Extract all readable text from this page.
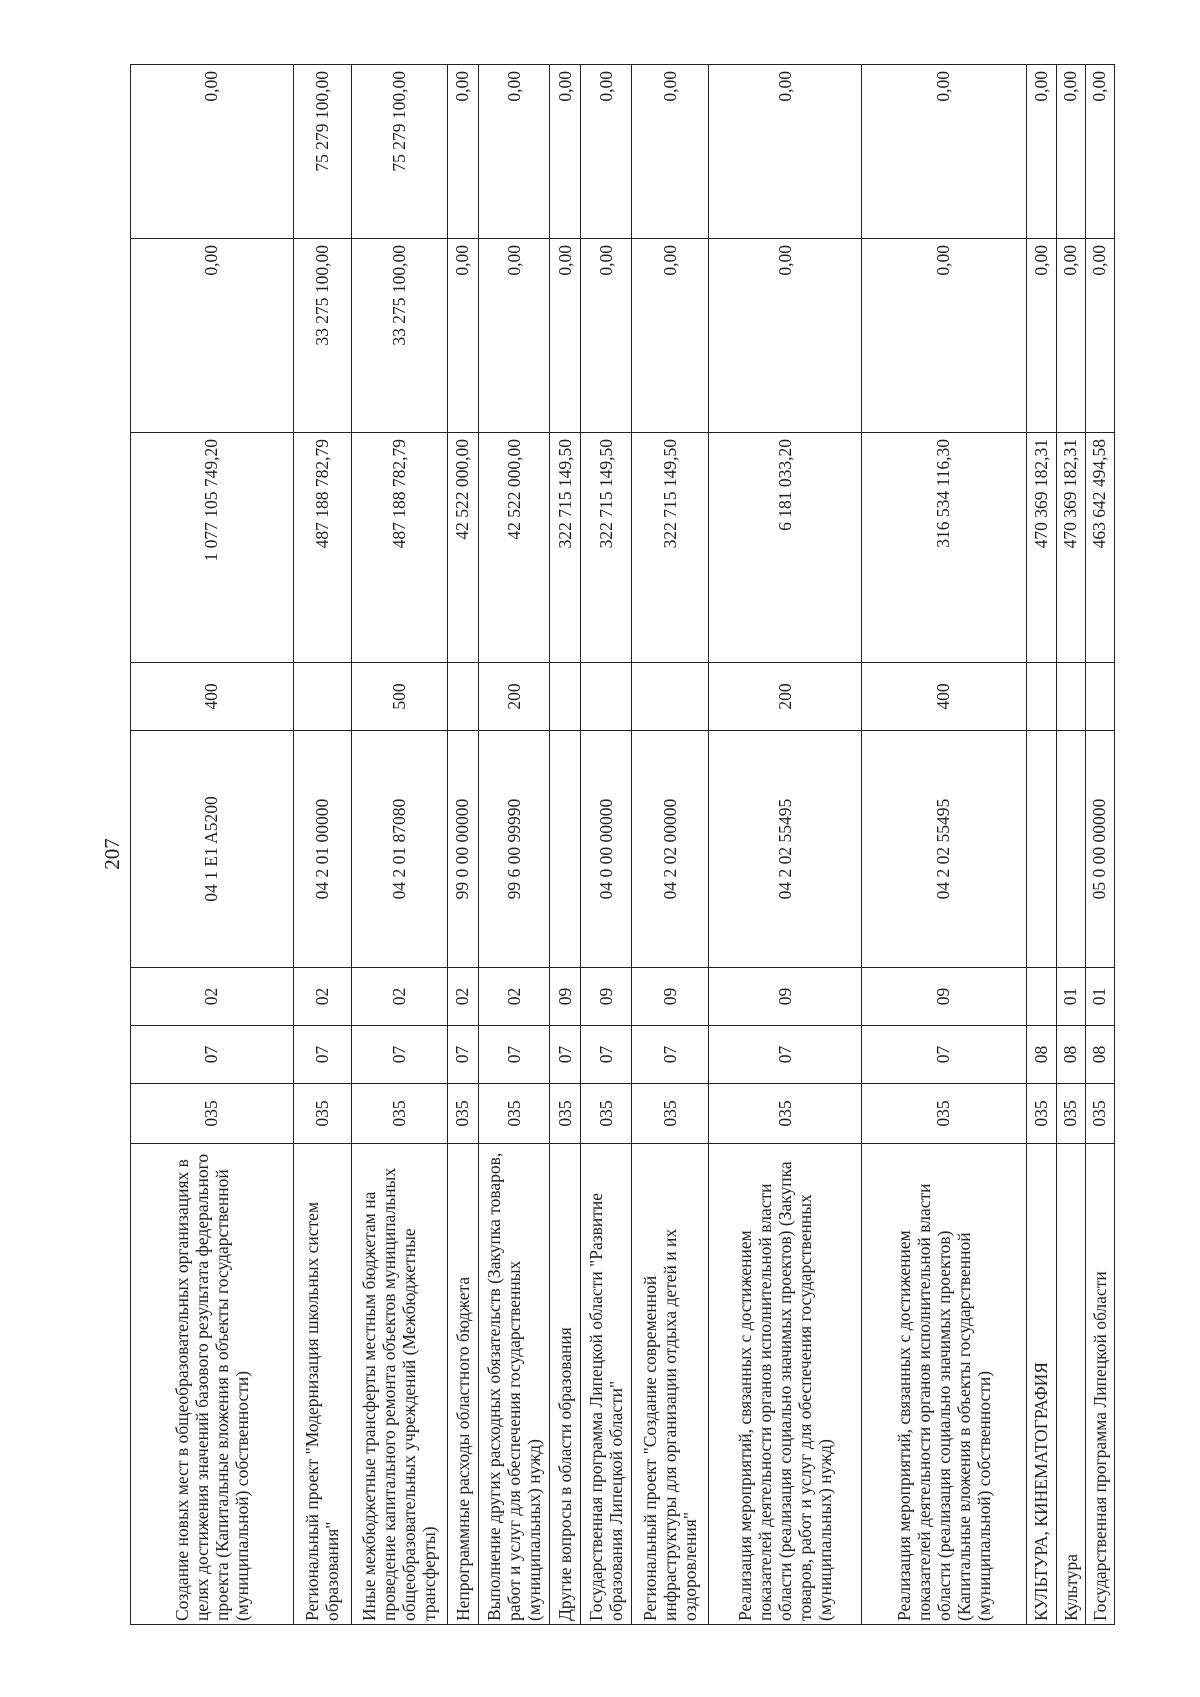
207
Создание новых мест в общеобразовательных организациях в целях достижения значений базового результата федерального проекта (Капитальные вложения в объекты государственной (муниципальной) собственности)	035	07	02	04 1 E1 A5200	400	1 077 105 749,20	0,00	0,00
Региональный проект "Модернизация школьных систем образования"	035	07	02	04 2 01 00000		487 188 782,79	33 275 100,00	75 279 100,00
Иные межбюджетные трансферты местным бюджетам на проведение капитального ремонта объектов муниципальных общеобразовательных учреждений (Межбюджетные трансферты)	035	07	02	04 2 01 87080	500	487 188 782,79	33 275 100,00	75 279 100,00
Непрограммные расходы областного бюджета	035	07	02	99 0 00 00000		42 522 000,00	0,00	0,00
Выполнение других расходных обязательств (Закупка товаров, работ и услуг для обеспечения государственных (муниципальных) нужд)	035	07	02	99 6 00 99990	200	42 522 000,00	0,00	0,00
Другие вопросы в области образования	035	07	09			322 715 149,50	0,00	0,00
Государственная программа Липецкой области "Развитие образования Липецкой области"	035	07	09	04 0 00 00000		322 715 149,50	0,00	0,00
Региональный проект "Создание современной инфраструктуры для организации отдыха детей и их оздоровления"	035	07	09	04 2 02 00000		322 715 149,50	0,00	0,00
Реализация мероприятий, связанных с достижением показателей деятельности органов исполнительной власти области (реализация социально значимых проектов) (Закупка товаров, работ и услуг для обеспечения государственных (муниципальных) нужд)	035	07	09	04 2 02 55495	200	6 181 033,20	0,00	0,00
Реализация мероприятий, связанных с достижением показателей деятельности органов исполнительной власти области (реализация социально значимых проектов) (Капитальные вложения в объекты государственной (муниципальной) собственности)	035	07	09	04 2 02 55495	400	316 534 116,30	0,00	0,00
КУЛЬТУРА, КИНЕМАТОГРАФИЯ	035	08				470 369 182,31	0,00	0,00
Культура	035	08	01			470 369 182,31	0,00	0,00
Государственная программа Липецкой области	035	08	01	05 0 00 00000		463 642 494,58	0,00	0,00
